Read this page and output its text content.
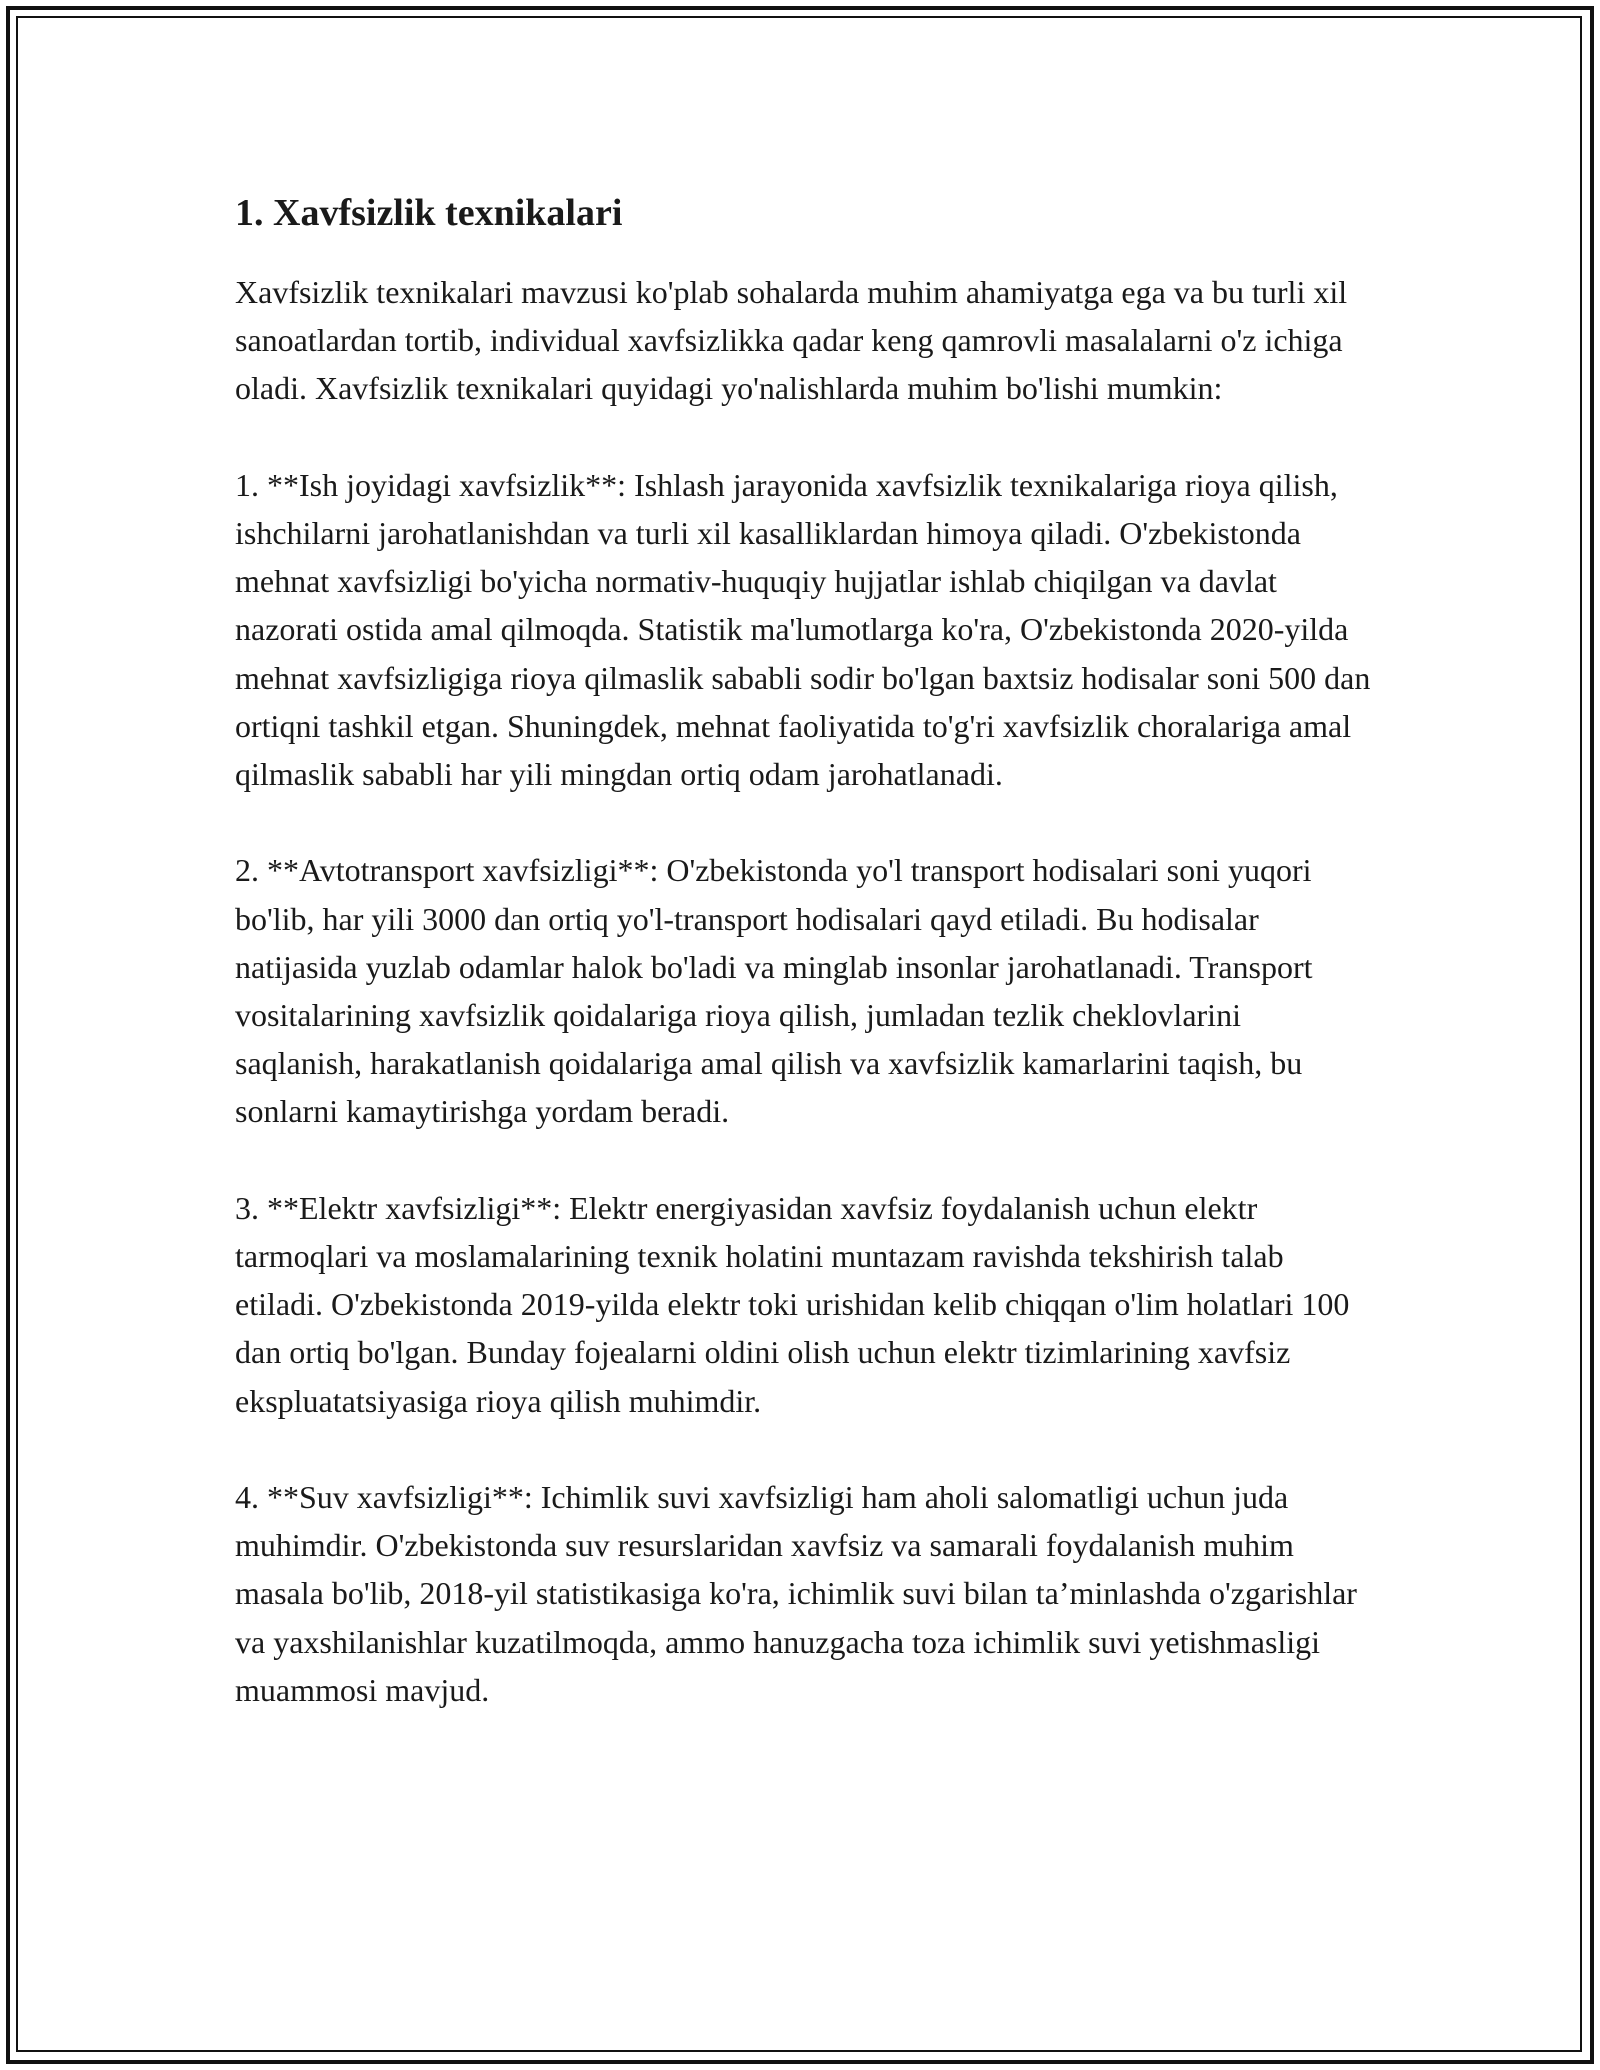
1. Xavfsizlik texnikalari

Xavfsizlik texnikalari mavzusi ko'plab sohalarda muhim ahamiyatga ega va bu turli xil sanoatlardan tortib, individual xavfsizlikka qadar keng qamrovli masalalarni o'z ichiga oladi. Xavfsizlik texnikalari quyidagi yo'nalishlarda muhim bo'lishi mumkin:

1. **Ish joyidagi xavfsizlik**: Ishlash jarayonida xavfsizlik texnikalariga rioya qilish, ishchilarni jarohatlanishdan va turli xil kasalliklardan himoya qiladi. O'zbekistonda mehnat xavfsizligi bo'yicha normativ-huquqiy hujjatlar ishlab chiqilgan va davlat nazorati ostida amal qilmoqda. Statistik ma'lumotlarga ko'ra, O'zbekistonda 2020-yilda mehnat xavfsizligiga rioya qilmaslik sababli sodir bo'lgan baxtsiz hodisalar soni 500 dan ortiqni tashkil etgan. Shuningdek, mehnat faoliyatida to'g'ri xavfsizlik choralariga amal qilmaslik sababli har yili mingdan ortiq odam jarohatlanadi.

2. **Avtotransport xavfsizligi**: O'zbekistonda yo'l transport hodisalari soni yuqori bo'lib, har yili 3000 dan ortiq yo'l-transport hodisalari qayd etiladi. Bu hodisalar natijasida yuzlab odamlar halok bo'ladi va minglab insonlar jarohatlanadi. Transport vositalarining xavfsizlik qoidalariga rioya qilish, jumladan tezlik cheklovlarini saqlanish, harakatlanish qoidalariga amal qilish va xavfsizlik kamarlarini taqish, bu sonlarni kamaytirishga yordam beradi.

3. **Elektr xavfsizligi**: Elektr energiyasidan xavfsiz foydalanish uchun elektr tarmoqlari va moslamalarining texnik holatini muntazam ravishda tekshirish talab etiladi. O'zbekistonda 2019-yilda elektr toki urishidan kelib chiqqan o'lim holatlari 100 dan ortiq bo'lgan. Bunday fojealarni oldini olish uchun elektr tizimlarining xavfsiz ekspluatatsiyasiga rioya qilish muhimdir.

4. **Suv xavfsizligi**: Ichimlik suvi xavfsizligi ham aholi salomatligi uchun juda muhimdir. O'zbekistonda suv resurslaridan xavfsiz va samarali foydalanish muhim masala bo'lib, 2018-yil statistikasiga ko'ra, ichimlik suvi bilan ta’minlashda o'zgarishlar va yaxshilanishlar kuzatilmoqda, ammo hanuzgacha toza ichimlik suvi yetishmasligi muammosi mavjud.
